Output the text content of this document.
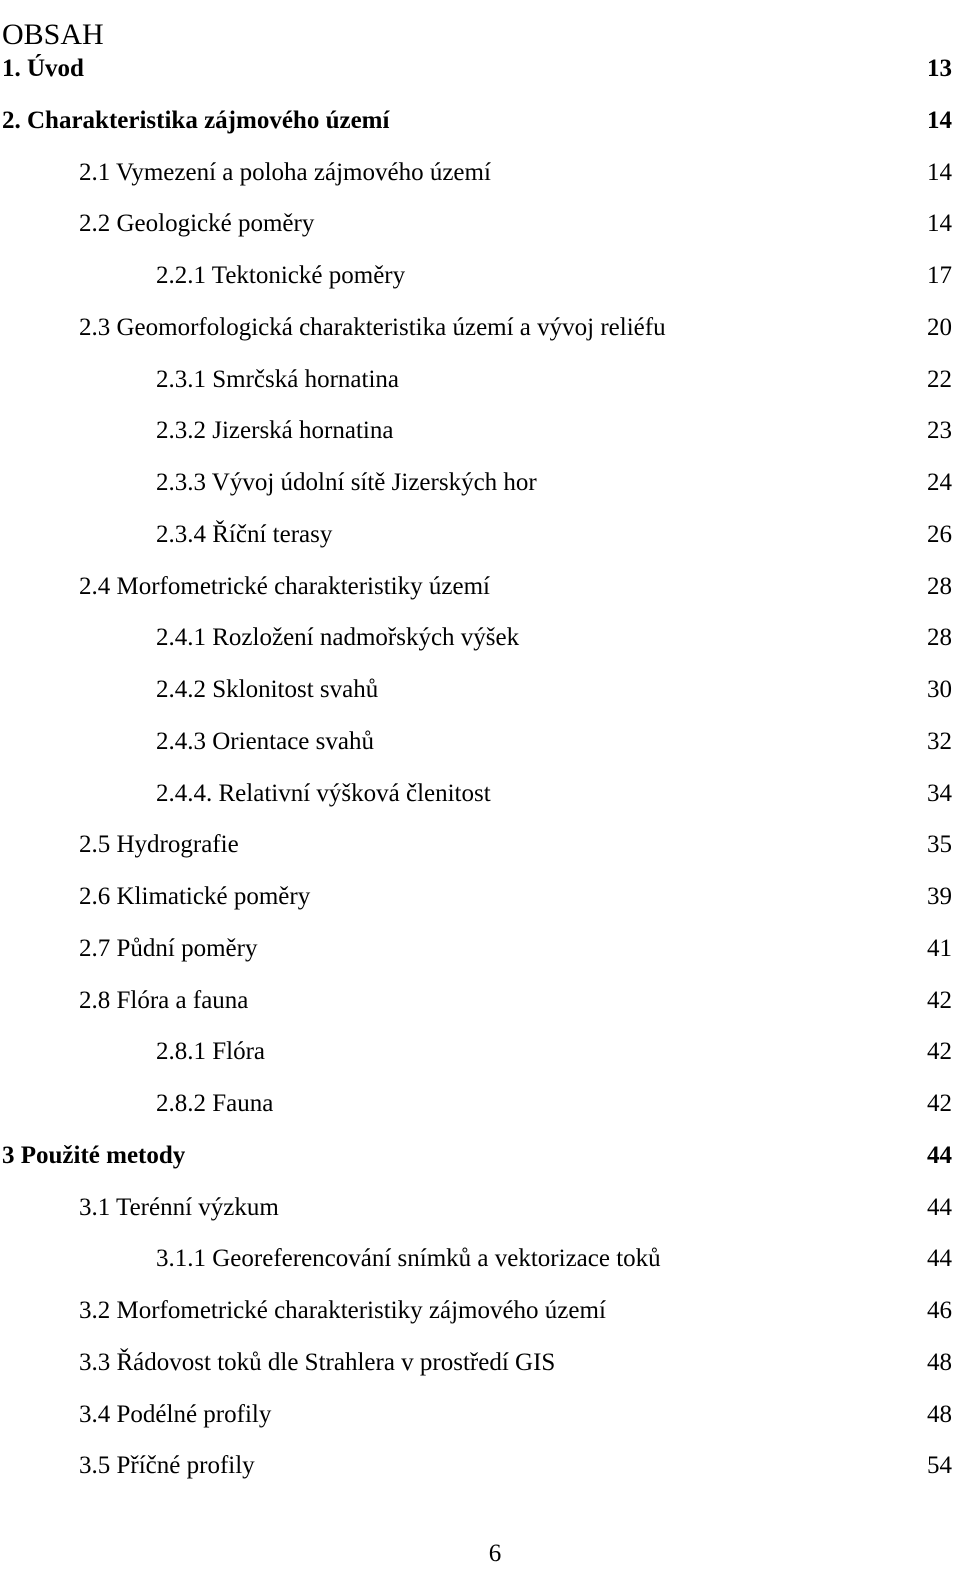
OBSAH
1. Úvod	13
2. Charakteristika zájmového území	14
2.1 Vymezení a poloha zájmového území	14
2.2 Geologické poměry	14
2.2.1 Tektonické poměry	17
2.3 Geomorfologická charakteristika území a vývoj reliéfu	20
2.3.1 Smrčská hornatina	22
2.3.2 Jizerská hornatina	23
2.3.3 Vývoj údolní sítě Jizerských hor	24
2.3.4 Říční terasy	26
2.4 Morfometrické charakteristiky území	28
2.4.1 Rozložení nadmořských výšek	28
2.4.2 Sklonitost svahů	30
2.4.3 Orientace svahů	32
2.4.4. Relativní výšková členitost	34
2.5 Hydrografie	35
2.6 Klimatické poměry	39
2.7 Půdní poměry	41
2.8 Flóra a fauna	42
2.8.1 Flóra	42
2.8.2 Fauna	42
3 Použité metody	44
3.1 Terénní výzkum	44
3.1.1 Georeferencování snímků a vektorizace toků	44
3.2 Morfometrické charakteristiky zájmového území	46
3.3 Řádovost toků dle Strahlera v prostředí GIS	48
3.4 Podélné profily	48
3.5 Příčné profily	54
6
